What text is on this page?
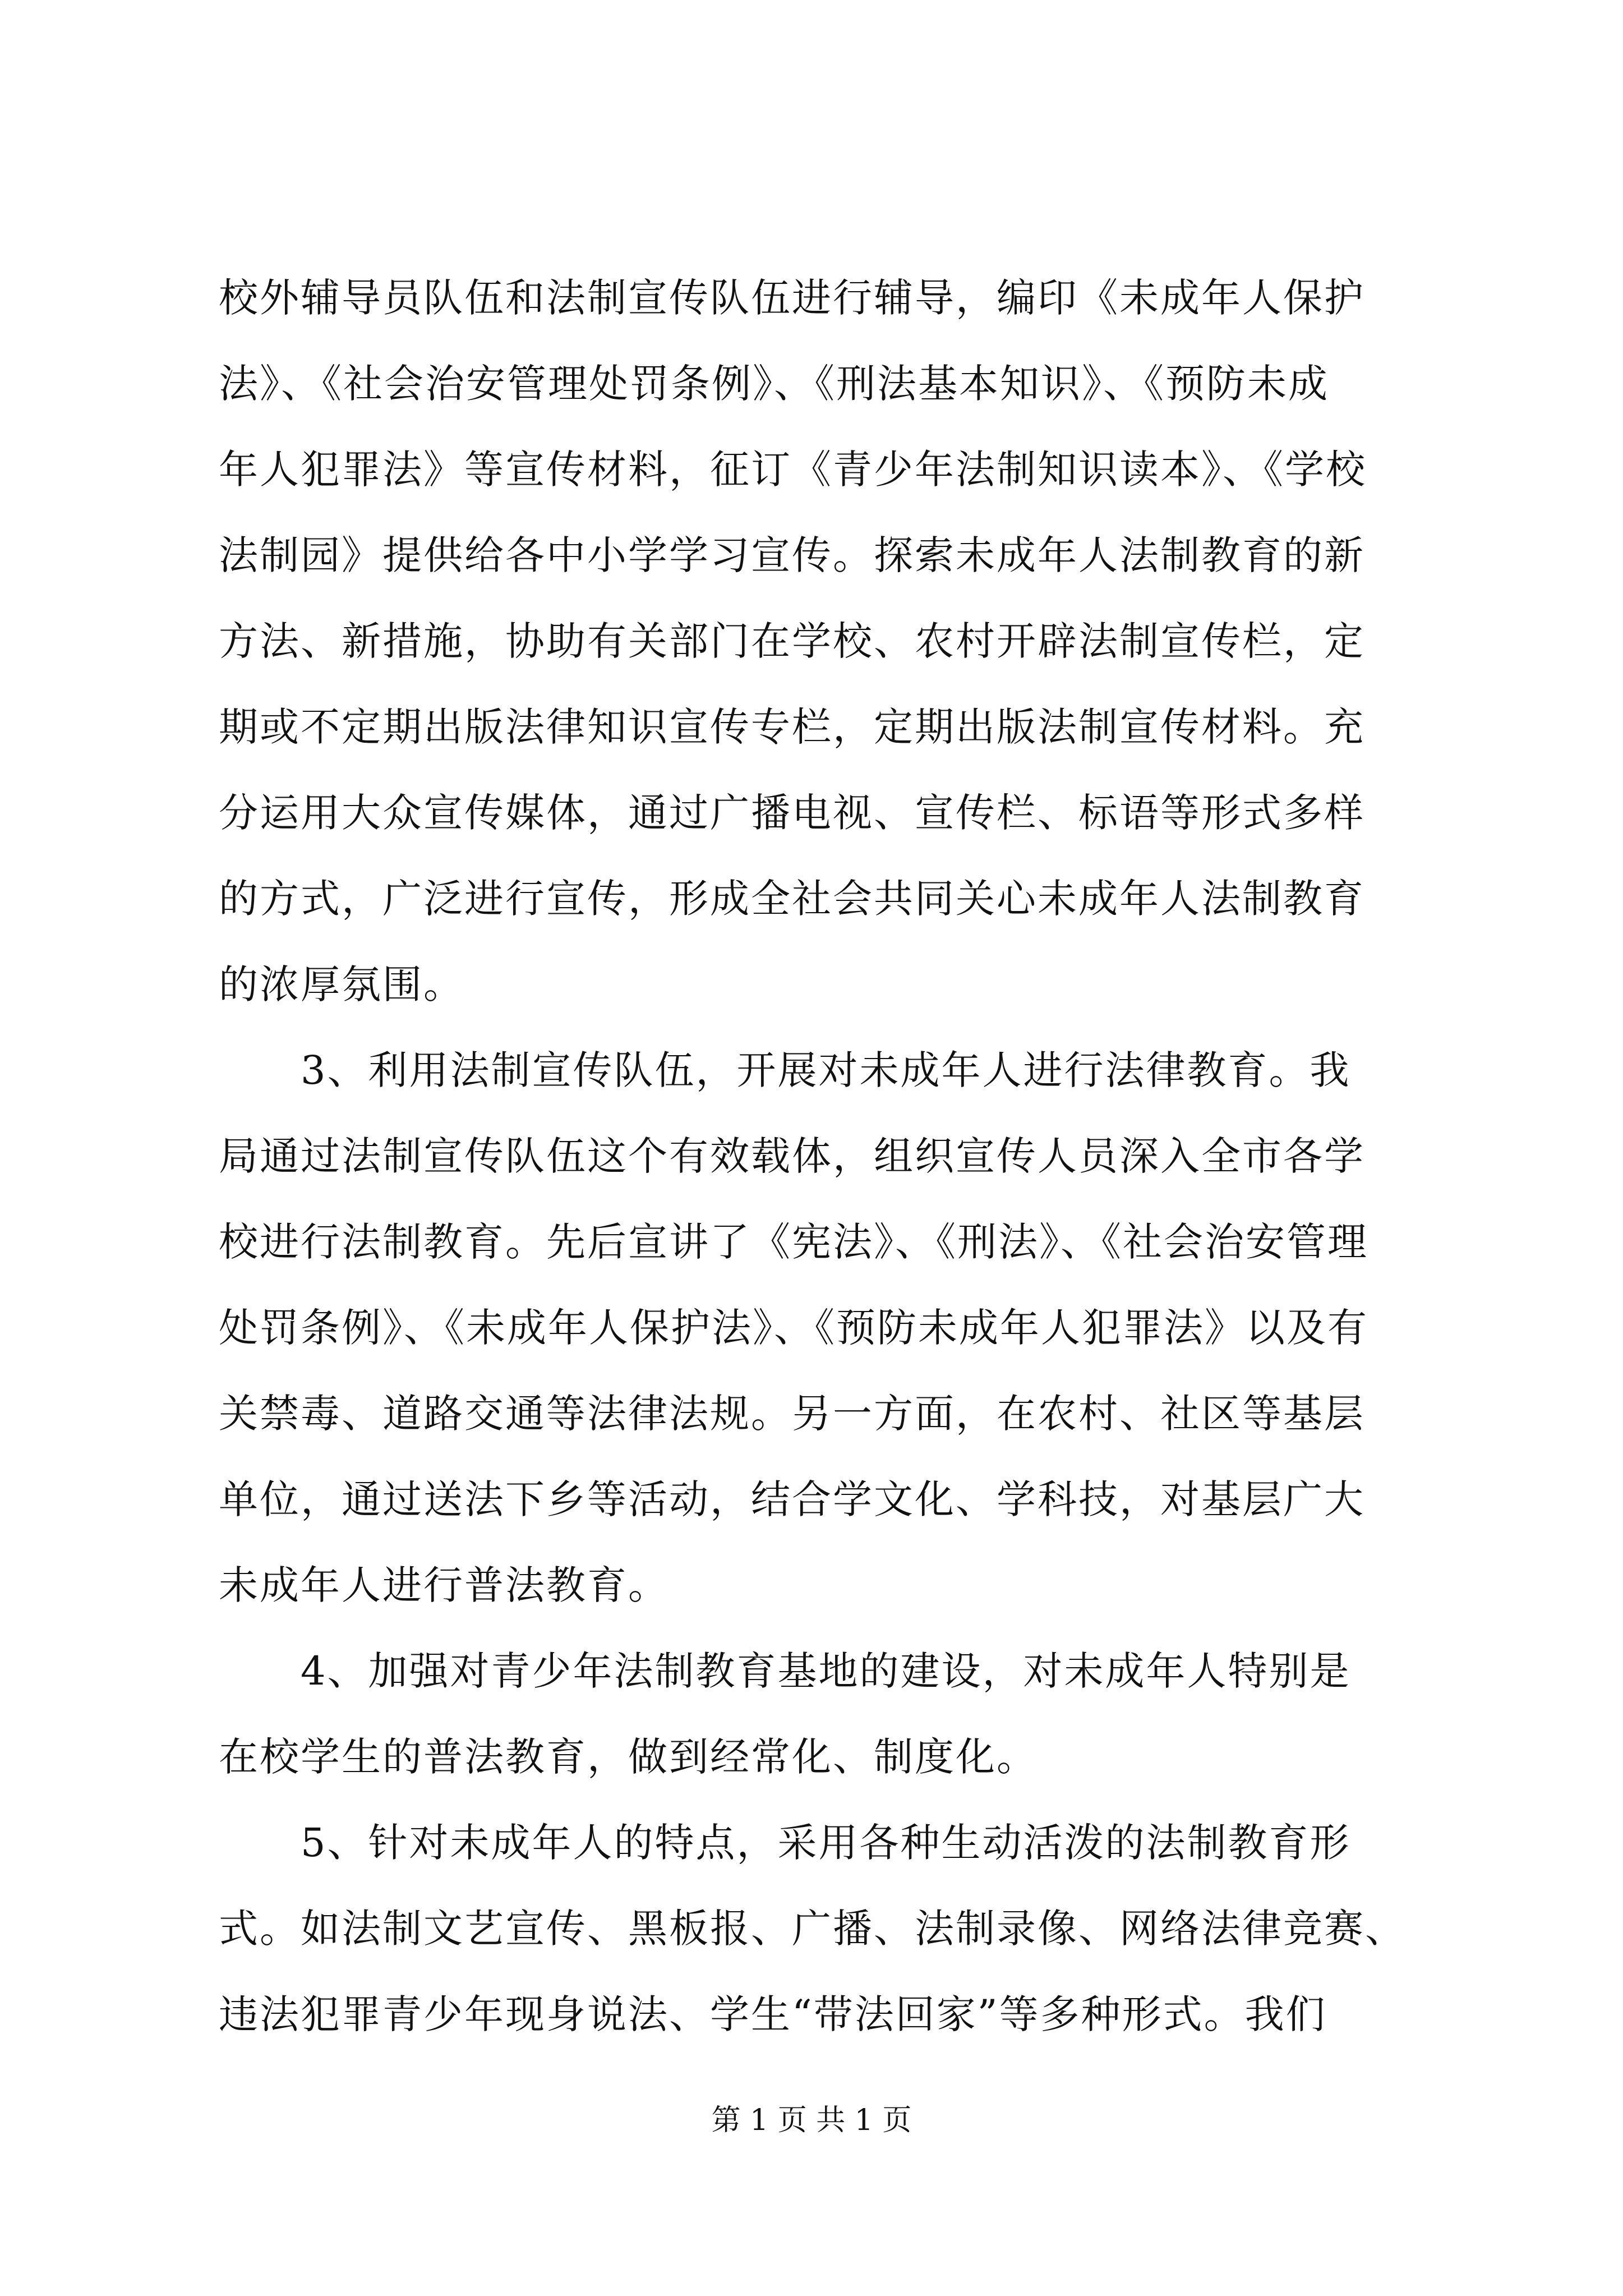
校外辅导员队伍和法制宣传队伍进行辅导，编印《未成年人保护
法》、《社会治安管理处罚条例》、《刑法基本知识》、《预防未成
年人犯罪法》等宣传材料，征订《青少年法制知识读本》、《学校
法制园》提供给各中小学学习宣传。探索未成年人法制教育的新
方法、新措施，协助有关部门在学校、农村开辟法制宣传栏，定
期或不定期出版法律知识宣传专栏，定期出版法制宣传材料。充
分运用大众宣传媒体，通过广播电视、宣传栏、标语等形式多样
的方式，广泛进行宣传，形成全社会共同关心未成年人法制教育
的浓厚氛围。
　　3、利用法制宣传队伍，开展对未成年人进行法律教育。我
局通过法制宣传队伍这个有效载体，组织宣传人员深入全市各学
校进行法制教育。先后宣讲了《宪法》、《刑法》、《社会治安管理
处罚条例》、《未成年人保护法》、《预防未成年人犯罪法》以及有
关禁毒、道路交通等法律法规。另一方面，在农村、社区等基层
单位，通过送法下乡等活动，结合学文化、学科技，对基层广大
未成年人进行普法教育。
　　4、加强对青少年法制教育基地的建设，对未成年人特别是
在校学生的普法教育，做到经常化、制度化。
　　5、针对未成年人的特点，采用各种生动活泼的法制教育形
式。如法制文艺宣传、黑板报、广播、法制录像、网络法律竞赛、
违法犯罪青少年现身说法、学生“带法回家”等多种形式。我们
第 1 页 共 1 页
